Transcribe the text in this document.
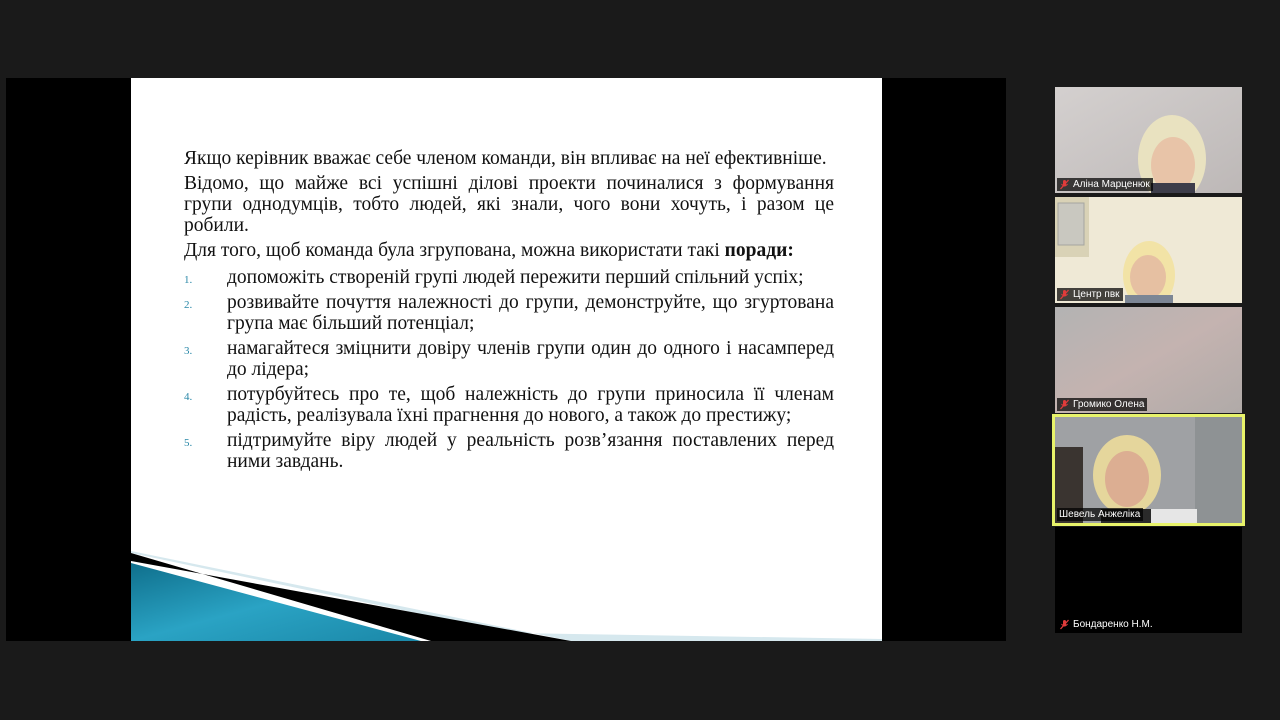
Якщо керівник вважає себе членом команди, він впливає на неї ефективніше.

Відомо, що майже всі успішні ділові проекти починалися з формування групи однодумців, тобто людей, які знали, чого вони хочуть, і разом це робили.

Для того, щоб команда була згрупована, можна використати такі поради:

1. допоможіть створеній групі людей пережити перший спільний успіх;
2. розвивайте почуття належності до групи, демонструйте, що згуртована група має більший потенціал;
3. намагайтеся зміцнити довіру членів групи один до одного і насамперед до лідера;
4. потурбуйтесь про те, щоб належність до групи приносила її членам радість, реалізувала їхні прагнення до нового, а також до престижу;
5. підтримуйте віру людей у реальність розв’язання поставлених перед ними завдань.
Аліна Марценюк
Центр пвк
Громико Олена
Шевель Анжеліка
Бондаренко Н.М.
